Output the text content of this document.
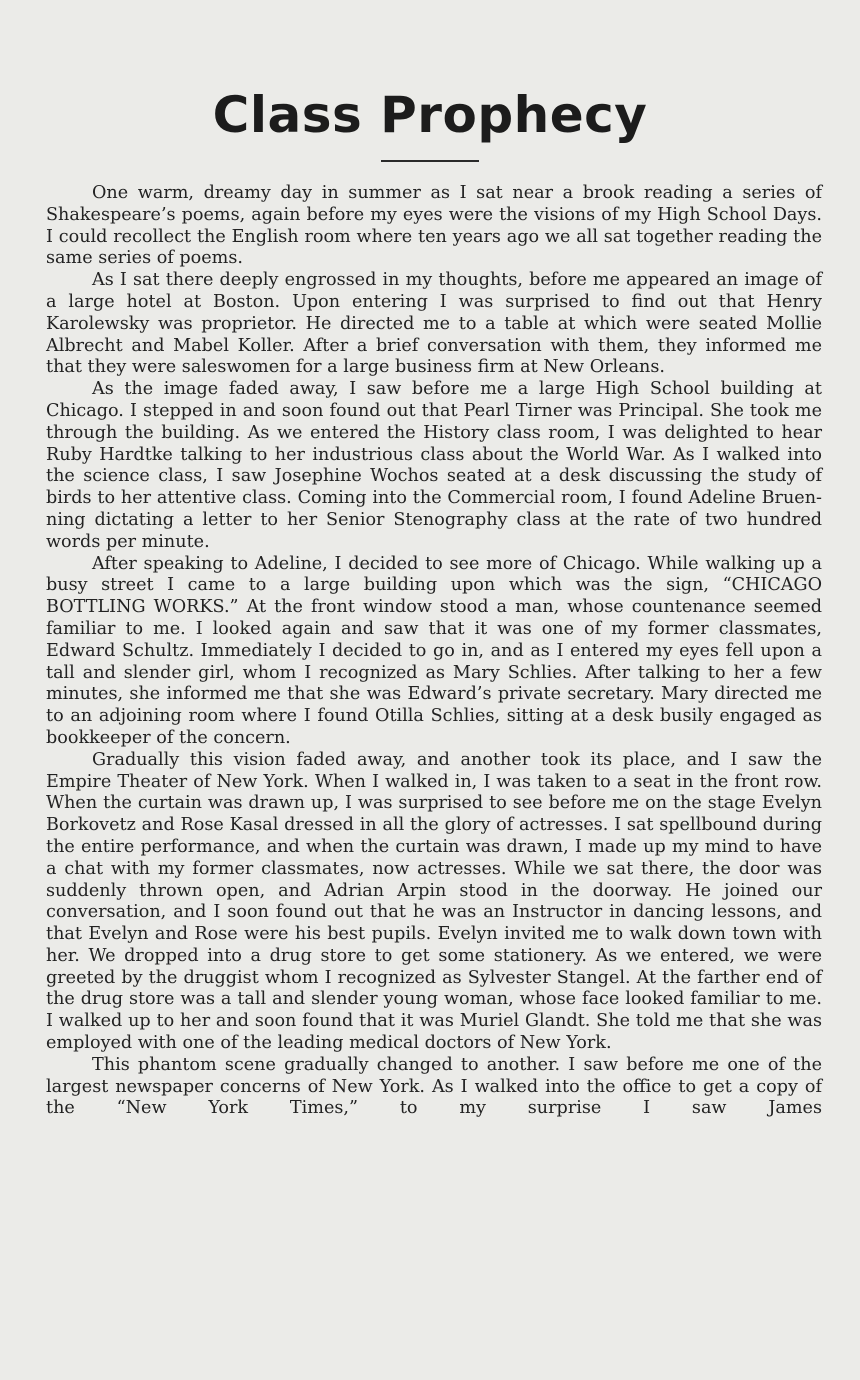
Class Prophecy

One warm, dreamy day in summer as I sat near a brook reading a series of Shakespeare’s poems, again before my eyes were the visions of my High School Days. I could recollect the English room where ten years ago we all sat together reading the same series of poems.

As I sat there deeply engrossed in my thoughts, before me appeared an image of a large hotel at Boston. Upon entering I was surprised to find out that Henry Karolewsky was proprietor. He directed me to a table at which were seated Mollie Albrecht and Mabel Koller. After a brief conversation with them, they informed me that they were saleswomen for a large business firm at New Orleans.

As the image faded away, I saw before me a large High School building at Chicago. I stepped in and soon found out that Pearl Tirner was Principal. She took me through the building. As we entered the History class room, I was delighted to hear Ruby Hardtke talking to her industrious class about the World War. As I walked into the science class, I saw Josephine Wochos seated at a desk discussing the study of birds to her attentive class. Coming into the Commercial room, I found Adeline Bruenning dictating a letter to her Senior Stenography class at the rate of two hundred words per minute.

After speaking to Adeline, I decided to see more of Chicago. While walking up a busy street I came to a large building upon which was the sign, “CHICAGO BOTTLING WORKS.” At the front window stood a man, whose countenance seemed familiar to me. I looked again and saw that it was one of my former classmates, Edward Schultz. Immediately I decided to go in, and as I entered my eyes fell upon a tall and slender girl, whom I recognized as Mary Schlies. After talking to her a few minutes, she informed me that she was Edward’s private secretary. Mary directed me to an adjoining room where I found Otilla Schlies, sitting at a desk busily engaged as bookkeeper of the concern.

Gradually this vision faded away, and another took its place, and I saw the Empire Theater of New York. When I walked in, I was taken to a seat in the front row. When the curtain was drawn up, I was surprised to see before me on the stage Evelyn Borkovetz and Rose Kasal dressed in all the glory of actresses. I sat spellbound during the entire performance, and when the curtain was drawn, I made up my mind to have a chat with my former classmates, now actresses. While we sat there, the door was suddenly thrown open, and Adrian Arpin stood in the doorway. He joined our conversation, and I soon found out that he was an Instructor in dancing lessons, and that Evelyn and Rose were his best pupils. Evelyn invited me to walk down town with her. We dropped into a drug store to get some stationery. As we entered, we were greeted by the druggist whom I recognized as Sylvester Stangel. At the farther end of the drug store was a tall and slender young woman, whose face looked familiar to me. I walked up to her and soon found that it was Muriel Glandt. She told me that she was employed with one of the leading medical doctors of New York.

This phantom scene gradually changed to another. I saw before me one of the largest newspaper concerns of New York. As I walked into the office to get a copy of the “New York Times,” to my surprise I saw James
